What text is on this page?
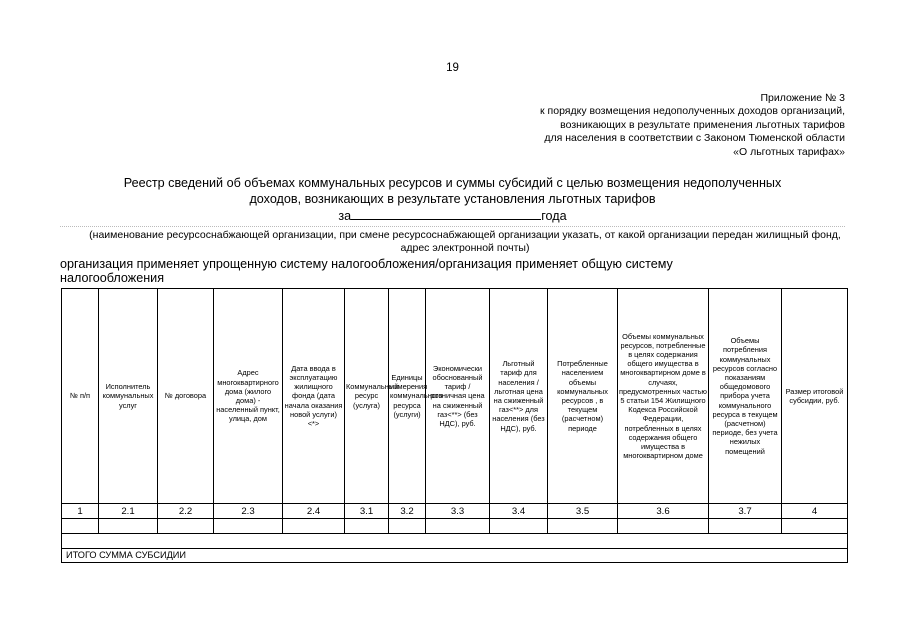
19
Приложение № 3
к порядку возмещения недополученных доходов организаций,
возникающих в результате применения льготных тарифов
для населения в соответствии с Законом Тюменской области
«О льготных тарифах»
Реестр сведений об объемах коммунальных ресурсов и суммы субсидий с целью возмещения недополученных
доходов, возникающих в результате установления льготных тарифов
за	года
(наименование ресурсоснабжающей организации, при смене ресурсоснабжающей организации указать, от какой организации передан жилищный фонд, адрес электронной почты)
организация применяет упрощенную систему налогообложения/организация применяет общую систему налогообложения
№ п/п	Исполнитель коммунальных услуг	№ договора	Адрес многоквартирного дома (жилого дома) - населенный пункт, улица, дом	Дата ввода в эксплуатацию жилищного фонда (дата начала оказания новой услуги) <*>	Коммунальный ресурс (услуга)	Единицы измерения коммунального ресурса (услуги)	Экономически обоснованный тариф / розничная цена на сжиженный газ<**> (без НДС), руб.	Льготный тариф для населения / льготная цена на сжиженный газ<**> для населения (без НДС), руб.	Потребленные населением объемы коммунальных ресурсов , в текущем (расчетном) периоде	Объемы коммунальных ресурсов, потребленные в целях содержания общего имущества в многоквартирном доме в случаях, предусмотренных частью 5 статьи 154 Жилищного Кодекса Российской Федерации, потребленных в целях содержания общего имущества в многоквартирном доме	Объемы потребления коммунальных ресурсов согласно показаниям общедомового прибора учета коммунального ресурса в текущем (расчетном) периоде, без учета нежилых помещений	Размер итоговой субсидии, руб.
1	2.1	2.2	2.3	2.4	3.1	3.2	3.3	3.4	3.5	3.6	3.7	4

ИТОГО СУММА СУБСИДИИ												
